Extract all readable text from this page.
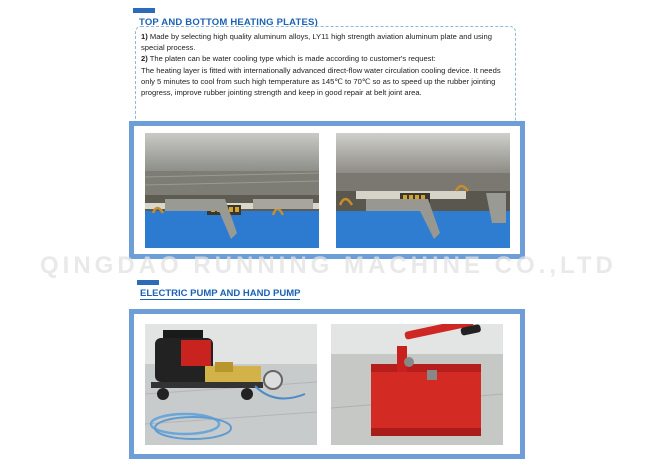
TOP AND BOTTOM HEATING PLATES)

1) Made by selecting high quality aluminum alloys, LY11 high strength aviation aluminum plate and using special process.

2) The platen can be water cooling type which is made according to customer's request:

The heating layer is fitted with internationally advanced direct-flow water circulation cooling device. It needs only 5 minutes to cool from such high temperature as 145℃ to 70℃ so as to speed up the rubber jointing progress, improve rubber jointing strength and keep in good repair at belt joint area.

QINGDAO RUNNING MACHINE CO.,LTD
ELECTRIC PUMP AND HAND PUMP
